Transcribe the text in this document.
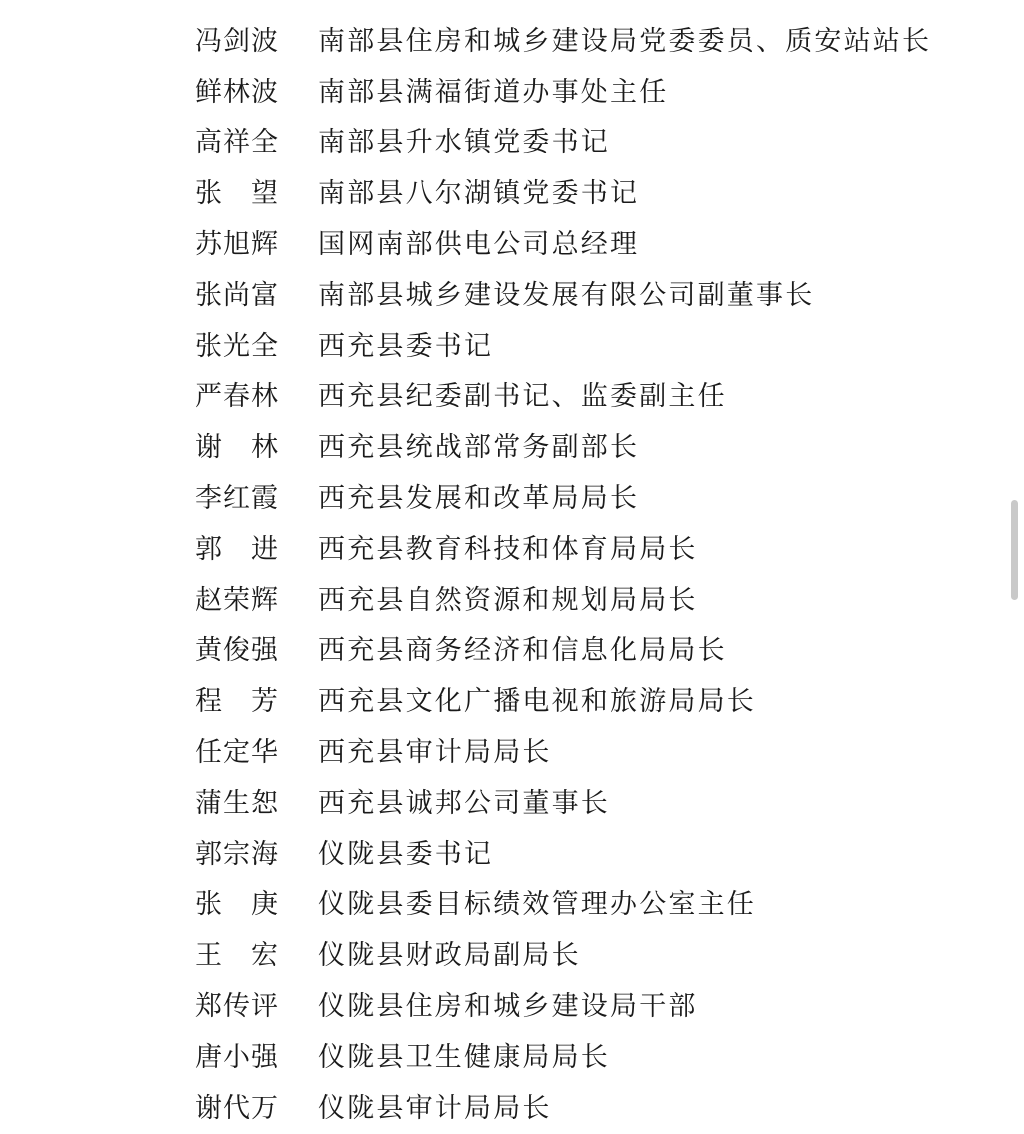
冯剑波	南部县住房和城乡建设局党委委员、质安站站长
鲜林波	南部县满福街道办事处主任
高祥全	南部县升水镇党委书记
张　望	南部县八尔湖镇党委书记
苏旭辉	国网南部供电公司总经理
张尚富	南部县城乡建设发展有限公司副董事长
张光全	西充县委书记
严春林	西充县纪委副书记、监委副主任
谢　林	西充县统战部常务副部长
李红霞	西充县发展和改革局局长
郭　进	西充县教育科技和体育局局长
赵荣辉	西充县自然资源和规划局局长
黄俊强	西充县商务经济和信息化局局长
程　芳	西充县文化广播电视和旅游局局长
任定华	西充县审计局局长
蒲生恕	西充县诚邦公司董事长
郭宗海	仪陇县委书记
张　庚	仪陇县委目标绩效管理办公室主任
王　宏	仪陇县财政局副局长
郑传评	仪陇县住房和城乡建设局干部
唐小强	仪陇县卫生健康局局长
谢代万	仪陇县审计局局长
